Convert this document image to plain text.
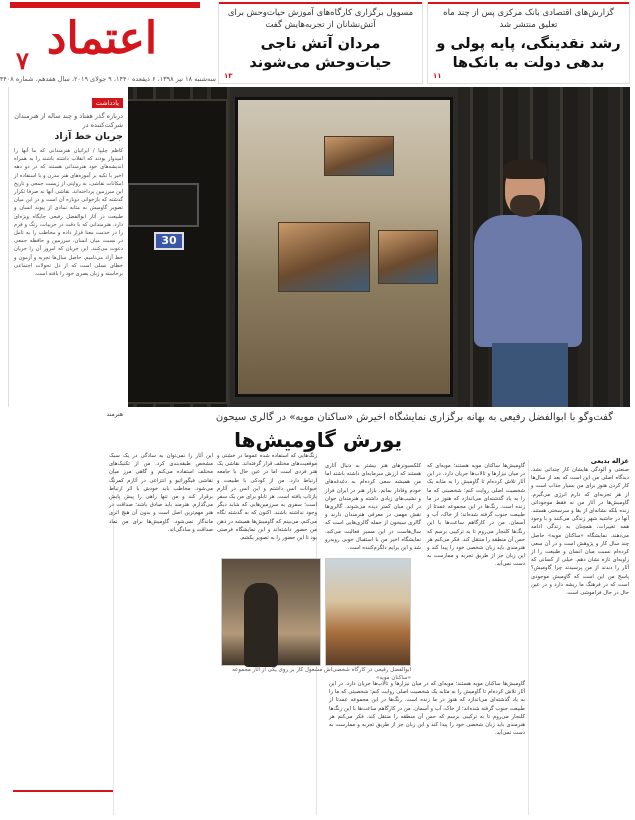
اعتماد
۷
سه‌شنبه ۱۸ تیر ۱۳۹۸، ۶ ذیقعده ۱۴۴۰، ۹ جولای ۲۰۱۹، سال هفدهم، شماره ۴۴۰۸
گزارش‌های اقتصادی بانک مرکزی پس از چند ماه تعلیق منتشر شد
رشد نقدینگی، پایه پولی و بدهی دولت به بانک‌ها
۱۱
مسوول برگزاری کارگاه‌های آموزش حیات‌وحش برای آتش‌نشانان از تجربه‌هایش گفت
مردان آتش ناجی حیات‌وحش می‌شوند
۱۳
30
یادداشت
درباره گذر هفتاد و چند ساله از هنرمندان شرکت‌کننده در
جریان خط آزاد
کاظم چلیپا / ایرانیان هنرمندانی که ما آنها را امیدوار بودند که انقلاب داشته باشند را به همراه اندیشه‌های خود هنرمندانی هستند که در دو دهه اخیر با تکیه بر آموزه‌های هنر مدرن و با استفاده از امکانات نقاشی، به روایتی از زیست جمعی و تاریخ این سرزمین پرداخته‌اند. نقاشی آنها نه صرفا تکرار گذشته که بازخوانی دوباره آن است و در این میان تصویر گاومیش به مثابه نمادی از پیوند انسان و طبیعت در آثار ابوالفضل رفیعی جایگاه ویژه‌ای دارد. هنرمندانی که با دقت در جزییات، رنگ و فرم را در خدمت معنا قرار داده و مخاطب را به تامل در نسبت میان انسان، سرزمین و حافظه جمعی دعوت می‌کنند. این جریان که امروز آن را جریان خط آزاد می‌نامیم، حاصل سال‌ها تجربه و آزمون و خطای نسلی است که از دل تحولات اجتماعی برخاسته و زبان بصری خود را یافته است.
هنرمند	گفت‌وگو با ابوالفضل رفیعی به بهانه برگزاری نمایشگاه اخیرش «ساکنان مویه» در گالری سیحون
یورش گاومیش‌ها
غزاله بدیعی
صنعتی و آلودگی هایشان کار چندانی نشد، دیدگاه اصلی من این است که بعد از سال‌ها کار کردن هنوز برای من بسیار جذاب است و از هر تجربه‌ای که دارم انرژی می‌گیرم. گاومیش‌ها در آثار من نه فقط موجوداتی زنده بلکه نشانه‌ای از بقا و سرسختی هستند. آنها در حاشیه شهر زندگی می‌کنند و با وجود همه تغییرات، همچنان به زندگی ادامه می‌دهند. نمایشگاه «ساکنان مویه» حاصل چند سال کار و پژوهش است و در آن سعی کرده‌ام نسبت میان انسان و طبیعت را از زاویه‌ای تازه نشان دهم. خیلی از کسانی که آثار را دیدند از من پرسیدند چرا گاومیش؟ پاسخ من این است که گاومیش موجودی است که در فرهنگ ما ریشه دارد و در عین حال در حال فراموشی است.
گاومیش‌ها ساکنان مویه هستند؛ مویه‌ای که در میان نیزارها و تالاب‌ها جریان دارد. در این آثار تلاش کرده‌ام تا گاومیش را به مثابه یک شخصیت اصلی روایت کنم؛ شخصیتی که ما را به یاد گذشته‌ای می‌اندازد که هنوز در ما زنده است. رنگ‌ها در این مجموعه عمدتا از طبیعت جنوب گرفته شده‌اند؛ از خاک، آب و آسمان. من در کارگاهم ساعت‌ها با این رنگ‌ها کلنجار می‌روم تا به ترکیبی برسم که حس آن منطقه را منتقل کند. فکر می‌کنم هر هنرمندی باید زبان شخصی خود را پیدا کند و این زبان جز از طریق تجربه و ممارست به دست نمی‌آید.
کلکسیونرهای هنر بیشتر به دنبال آثاری هستند که ارزش سرمایه‌ای داشته باشند اما من همیشه سعی کرده‌ام به دغدغه‌های خودم وفادار بمانم. بازار هنر در ایران فراز و نشیب‌های زیادی داشته و هنرمندان جوان در این میان کمتر دیده می‌شوند. گالری‌ها نقش مهمی در معرفی هنرمندان دارند و گالری سیحون از جمله گالری‌هایی است که سال‌هاست در این مسیر فعالیت می‌کند. نمایشگاه اخیر من با استقبال خوبی روبه‌رو شد و این برایم دلگرم‌کننده است.
زنگ‌هایی که استفاده شده عموما در خشتی و موقعیت‌های مختلف قرار گرفته‌اند. نقاشی یک هنر فردی است اما در عین حال با جامعه ارتباط دارد. من از کودکی با طبیعت و حیوانات انس داشتم و این انس در آثارم بازتاب یافته است. هر تابلو برای من یک سفر است؛ سفری به سرزمین‌هایی که شاید دیگر وجود نداشته باشند. اکنون که به گذشته نگاه می‌کنم، می‌بینم که گاومیش‌ها همیشه در ذهن من حضور داشته‌اند و این نمایشگاه فرصتی بود تا این حضور را به تصویر بکشم.
این آثار را نمی‌توان به سادگی در یک سبک مشخص طبقه‌بندی کرد. من از تکنیک‌های مختلف استفاده می‌کنم و گاهی مرز میان نقاشی فیگوراتیو و انتزاعی در آثارم کمرنگ می‌شود. مخاطب باید خودش با اثر ارتباط برقرار کند و من تنها راهی را پیش پایش می‌گذارم. هنرمند باید صادق باشد؛ صداقت در هنر مهم‌ترین اصل است و بدون آن هیچ اثری ماندگار نمی‌شود. گاومیش‌ها برای من نماد صداقت و سادگی‌اند.
ابوالفضل رفیعی در کارگاه شخصی‌اش مشغول کار بر روی یکی از آثار مجموعه «ساکنان مویه»
گاومیش‌ها ساکنان مویه هستند؛ مویه‌ای که در میان نیزارها و تالاب‌ها جریان دارد. در این آثار تلاش کرده‌ام تا گاومیش را به مثابه یک شخصیت اصلی روایت کنم؛ شخصیتی که ما را به یاد گذشته‌ای می‌اندازد که هنوز در ما زنده است. رنگ‌ها در این مجموعه عمدتا از طبیعت جنوب گرفته شده‌اند؛ از خاک، آب و آسمان. من در کارگاهم ساعت‌ها با این رنگ‌ها کلنجار می‌روم تا به ترکیبی برسم که حس آن منطقه را منتقل کند. فکر می‌کنم هر هنرمندی باید زبان شخصی خود را پیدا کند و این زبان جز از طریق تجربه و ممارست به دست نمی‌آید.
